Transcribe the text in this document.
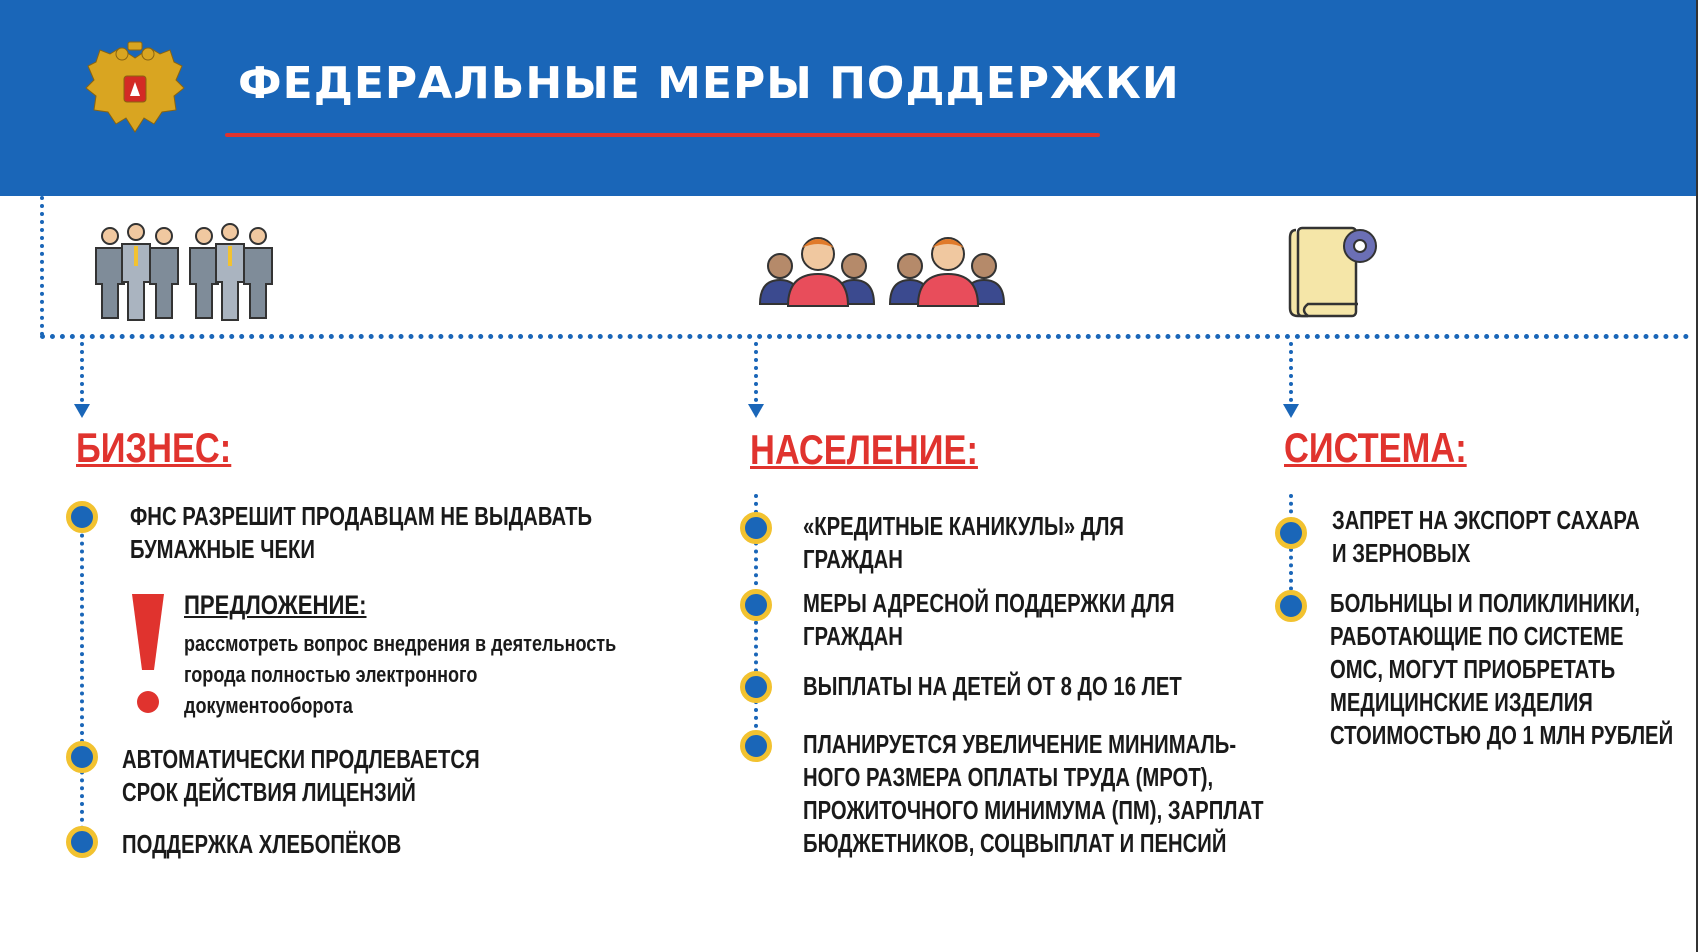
ФЕДЕРАЛЬНЫЕ МЕРЫ ПОДДЕРЖКИ
БИЗНЕС:	НАСЕЛЕНИЕ:	СИСТЕМА:
ФНС РАЗРЕШИТ ПРОДАВЦАМ НЕ ВЫДАВАТЬ
БУМАЖНЫЕ ЧЕКИ
ПРЕДЛОЖЕНИЕ:
рассмотреть вопрос внедрения в деятельность города полностью электронного документооборота
АВТОМАТИЧЕСКИ ПРОДЛЕВАЕТСЯ
СРОК ДЕЙСТВИЯ ЛИЦЕНЗИЙ
ПОДДЕРЖКА ХЛЕБОПЁКОВ
«КРЕДИТНЫЕ КАНИКУЛЫ» ДЛЯ
ГРАЖДАН
МЕРЫ АДРЕСНОЙ ПОДДЕРЖКИ ДЛЯ
ГРАЖДАН
ВЫПЛАТЫ НА ДЕТЕЙ ОТ 8 ДО 16 ЛЕТ
ПЛАНИРУЕТСЯ УВЕЛИЧЕНИЕ МИНИМАЛЬ-
НОГО РАЗМЕРА ОПЛАТЫ ТРУДА (МРОТ),
ПРОЖИТОЧНОГО МИНИМУМА (ПМ), ЗАРПЛАТ
БЮДЖЕТНИКОВ, СОЦВЫПЛАТ И ПЕНСИЙ
ЗАПРЕТ НА ЭКСПОРТ САХАРА
И ЗЕРНОВЫХ
БОЛЬНИЦЫ И ПОЛИКЛИНИКИ,
РАБОТАЮЩИЕ ПО СИСТЕМЕ
ОМС, МОГУТ ПРИОБРЕТАТЬ
МЕДИЦИНСКИЕ ИЗДЕЛИЯ
СТОИМОСТЬЮ ДО 1 МЛН РУБЛЕЙ
